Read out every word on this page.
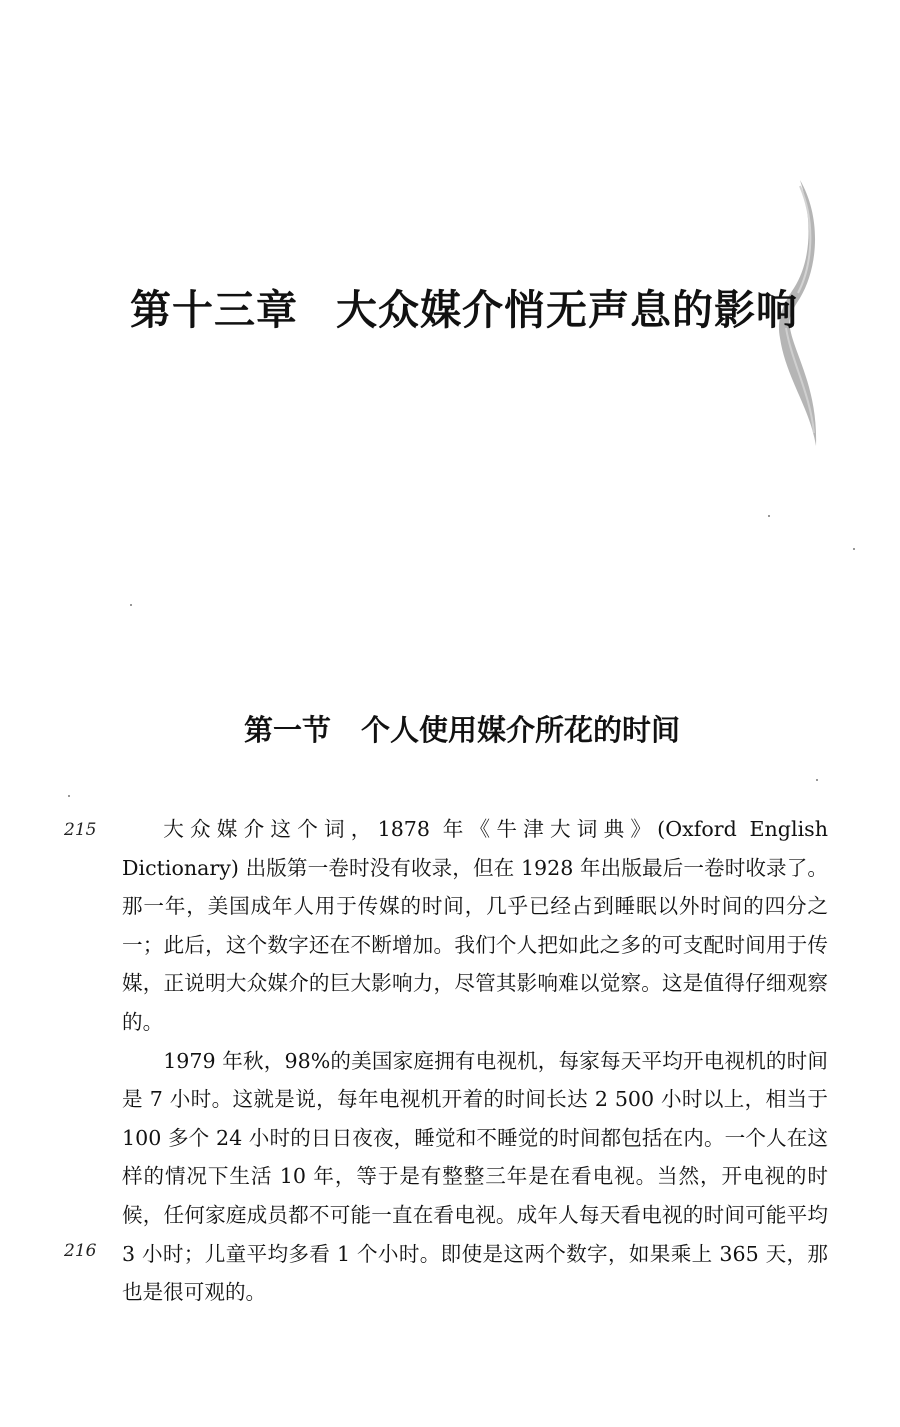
第十三章 大众媒介悄无声息的影响
第一节 个人使用媒介所花的时间
215
216

大众媒介这个词，1878 年《牛津大词典》(Oxford English Dictionary) 出版第一卷时没有收录，但在 1928 年出版最后一卷时收录了。那一年，美国成年人用于传媒的时间，几乎已经占到睡眠以外时间的四分之一；此后，这个数字还在不断增加。我们个人把如此之多的可支配时间用于传媒，正说明大众媒介的巨大影响力，尽管其影响难以觉察。这是值得仔细观察的。

1979 年秋，98%的美国家庭拥有电视机，每家每天平均开电视机的时间是 7 小时。这就是说，每年电视机开着的时间长达 2 500 小时以上，相当于 100 多个 24 小时的日日夜夜，睡觉和不睡觉的时间都包括在内。一个人在这样的情况下生活 10 年，等于是有整整三年是在看电视。当然，开电视的时候，任何家庭成员都不可能一直在看电视。成年人每天看电视的时间可能平均 3 小时；儿童平均多看 1 个小时。即使是这两个数字，如果乘上 365 天，那也是很可观的。
